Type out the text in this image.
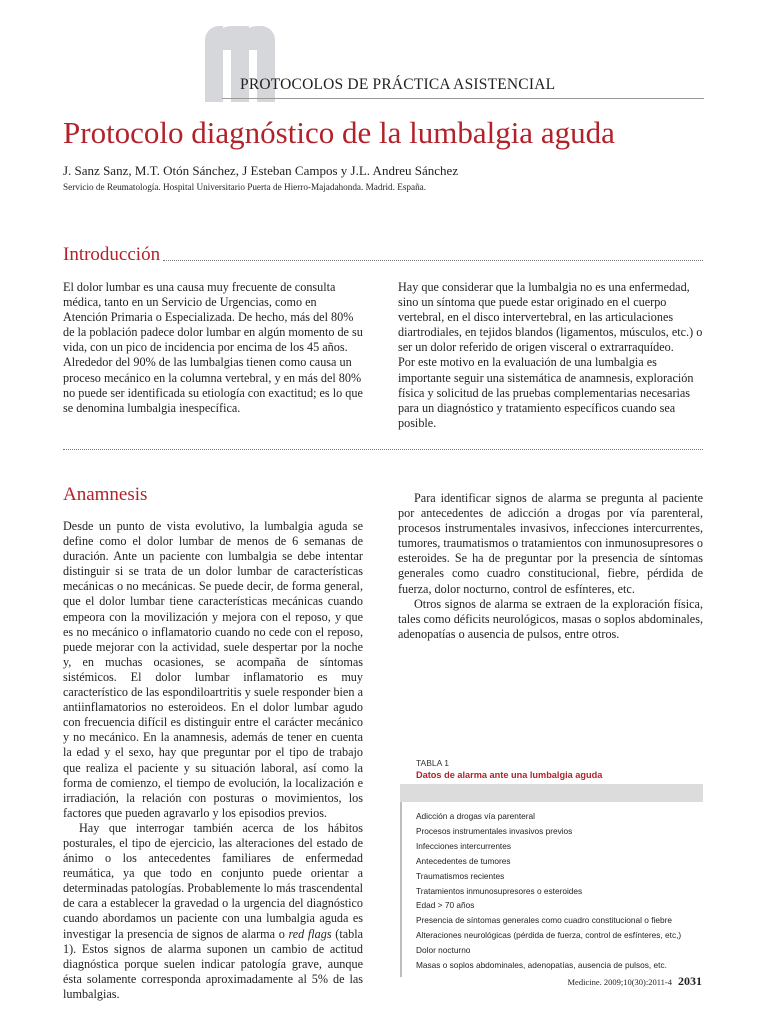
PROTOCOLOS DE PRÁCTICA ASISTENCIAL
Protocolo diagnóstico de la lumbalgia aguda
J. Sanz Sanz, M.T. Otón Sánchez, J Esteban Campos y J.L. Andreu Sánchez
Servicio de Reumatología. Hospital Universitario Puerta de Hierro-Majadahonda. Madrid. España.
Introducción

El dolor lumbar es una causa muy frecuente de consulta médica, tanto en un Servicio de Urgencias, como en Atención Primaria o Especializada. De hecho, más del 80% de la población padece dolor lumbar en algún momento de su vida, con un pico de incidencia por encima de los 45 años.

Alrededor del 90% de las lumbalgias tienen como causa un proceso mecánico en la columna vertebral, y en más del 80% no puede ser identificada su etiología con exactitud; es lo que se denomina lumbalgia inespecífica.

Hay que considerar que la lumbalgia no es una enfermedad, sino un síntoma que puede estar originado en el cuerpo vertebral, en el disco intervertebral, en las articulaciones diartrodiales, en tejidos blandos (ligamentos, músculos, etc.) o ser un dolor referido de origen visceral o extrarraquídeo.

Por este motivo en la evaluación de una lumbalgia es importante seguir una sistemática de anamnesis, exploración física y solicitud de las pruebas complementarias necesarias para un diagnóstico y tratamiento específicos cuando sea posible.

Anamnesis

Desde un punto de vista evolutivo, la lumbalgia aguda se define como el dolor lumbar de menos de 6 semanas de duración. Ante un paciente con lumbalgia se debe intentar distinguir si se trata de un dolor lumbar de características mecánicas o no mecánicas. Se puede decir, de forma general, que el dolor lumbar tiene características mecánicas cuando empeora con la movilización y mejora con el reposo, y que es no mecánico o inflamatorio cuando no cede con el reposo, puede mejorar con la actividad, suele despertar por la noche y, en muchas ocasiones, se acompaña de síntomas sistémicos. El dolor lumbar inflamatorio es muy característico de las espondiloartritis y suele responder bien a antiinflamatorios no esteroideos. En el dolor lumbar agudo con frecuencia difícil es distinguir entre el carácter mecánico y no mecánico. En la anamnesis, además de tener en cuenta la edad y el sexo, hay que preguntar por el tipo de trabajo que realiza el paciente y su situación laboral, así como la forma de comienzo, el tiempo de evolución, la localización e irradiación, la relación con posturas o movimientos, los factores que pueden agravarlo y los episodios previos.

Hay que interrogar también acerca de los hábitos posturales, el tipo de ejercicio, las alteraciones del estado de ánimo o los antecedentes familiares de enfermedad reumática, ya que todo en conjunto puede orientar a determinadas patologías. Probablemente lo más trascendental de cara a establecer la gravedad o la urgencia del diagnóstico cuando abordamos un paciente con una lumbalgia aguda es investigar la presencia de signos de alarma o red flags (tabla 1). Estos signos de alarma suponen un cambio de actitud diagnóstica porque suelen indicar patología grave, aunque ésta solamente corresponda aproximadamente al 5% de las lumbalgias.

Para identificar signos de alarma se pregunta al paciente por antecedentes de adicción a drogas por vía parenteral, procesos instrumentales invasivos, infecciones intercurrentes, tumores, traumatismos o tratamientos con inmunosupresores o esteroides. Se ha de preguntar por la presencia de síntomas generales como cuadro constitucional, fiebre, pérdida de fuerza, dolor nocturno, control de esfínteres, etc.

Otros signos de alarma se extraen de la exploración física, tales como déficits neurológicos, masas o soplos abdominales, adenopatías o ausencia de pulsos, entre otros.

TABLA 1
Datos de alarma ante una lumbalgia aguda
Adicción a drogas vía parenteral
Procesos instrumentales invasivos previos
Infecciones intercurrentes
Antecedentes de tumores
Traumatismos recientes
Tratamientos inmunosupresores o esteroides
Edad > 70 años
Presencia de síntomas generales como cuadro constitucional o fiebre
Alteraciones neurológicas (pérdida de fuerza, control de esfínteres, etc,)
Dolor nocturno
Masas o soplos abdominales, adenopatías, ausencia de pulsos, etc.
Medicine. 2009;10(30):2011-4 2031
